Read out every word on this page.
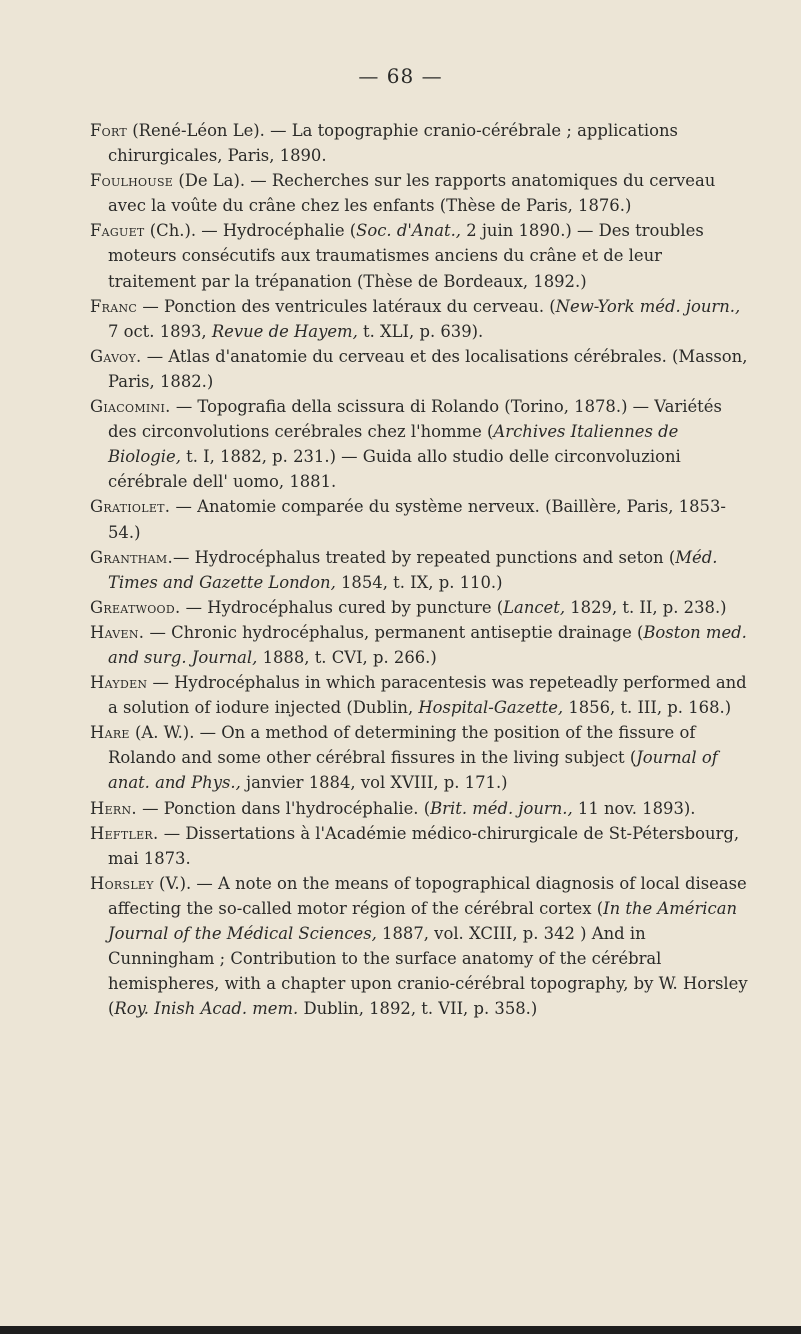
— 68 —

Fort (René-Léon Le). — La topographie cranio-cérébrale ; applications chirurgicales, Paris, 1890.

Foulhouse (De La). — Recherches sur les rapports anatomiques du cerveau avec la voûte du crâne chez les enfants (Thèse de Paris, 1876.)

Faguet (Ch.). — Hydrocéphalie (Soc. d'Anat., 2 juin 1890.) — Des troubles moteurs consécutifs aux traumatismes anciens du crâne et de leur traitement par la trépanation (Thèse de Bordeaux, 1892.)

Franc — Ponction des ventricules latéraux du cerveau. (New-York méd. journ., 7 oct. 1893, Revue de Hayem, t. XLI, p. 639).

Gavoy. — Atlas d'anatomie du cerveau et des localisations cérébrales. (Masson, Paris, 1882.)

Giacomini. — Topografia della scissura di Rolando (Torino, 1878.) — Variétés des circonvolutions cerébrales chez l'homme (Archives Italiennes de Biologie, t. I, 1882, p. 231.) — Guida allo studio delle circonvoluzioni cérébrale dell' uomo, 1881.

Gratiolet. — Anatomie comparée du système nerveux. (Baillère, Paris, 1853-54.)

Grantham.— Hydrocéphalus treated by repeated punctions and seton (Méd. Times and Gazette London, 1854, t. IX, p. 110.)

Greatwood. — Hydrocéphalus cured by puncture (Lancet, 1829, t. II, p. 238.)

Haven. — Chronic hydrocéphalus, permanent antiseptie drainage (Boston med. and surg. Journal, 1888, t. CVI, p. 266.)

Hayden — Hydrocéphalus in which paracentesis was repeteadly performed and a solution of iodure injected (Dublin, Hospital-Gazette, 1856, t. III, p. 168.)

Hare (A. W.). — On a method of determining the position of the fissure of Rolando and some other cérébral fissures in the living subject (Journal of anat. and Phys., janvier 1884, vol XVIII, p. 171.)

Hern. — Ponction dans l'hydrocéphalie. (Brit. méd. journ., 11 nov. 1893).

Heftler. — Dissertations à l'Académie médico-chirurgicale de St-Pétersbourg, mai 1873.

Horsley (V.). — A note on the means of topographical diagnosis of local disease affecting the so-called motor région of the cérébral cortex (In the Américan Journal of the Médical Sciences, 1887, vol. XCIII, p. 342 ) And in Cunningham ; Contribution to the surface anatomy of the cérébral hemispheres, with a chapter upon cranio-cérébral topography, by W. Horsley (Roy. Inish Acad. mem. Dublin, 1892, t. VII, p. 358.)
